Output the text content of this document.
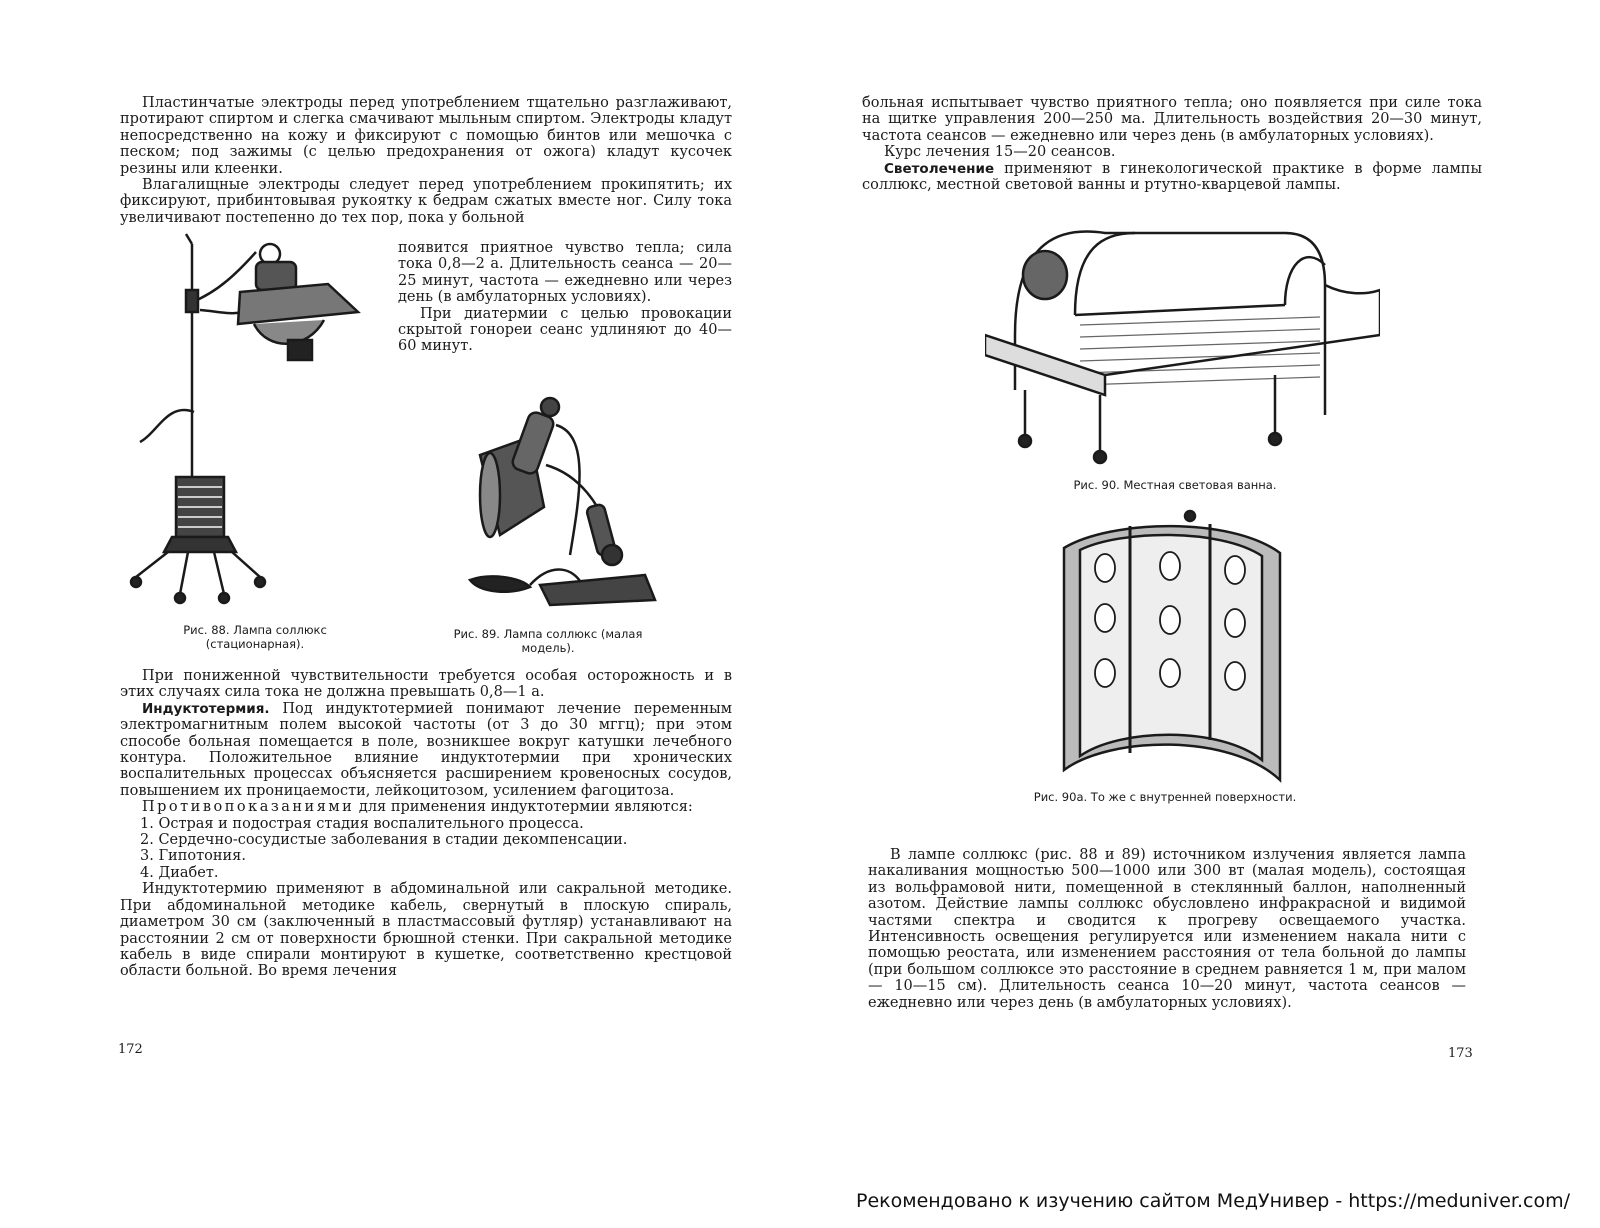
Пластинчатые электроды перед употреблением тщательно разглаживают, протирают спиртом и слегка смачивают мыльным спиртом. Электроды кладут непосредственно на кожу и фиксируют с помощью бинтов или мешочка с песком; под зажимы (с целью предохранения от ожога) кладут кусочек резины или клеенки.

Влагалищные электроды следует перед употреблением прокипятить; их фиксируют, прибинтовывая рукоятку к бедрам сжатых вместе ног. Силу тока увеличивают постепенно до тех пор, пока у больной

появится приятное чувство тепла; сила тока 0,8—2 a. Длительность сеанса — 20—25 минут, частота — ежедневно или через день (в амбулаторных условиях).

При диатермии с целью провокации скрытой гонореи сеанс удлиняют до 40—60 минут.

Рис. 88. Лампа соллюкс (стационарная).
Рис. 89. Лампа соллюкс (малая модель).

При пониженной чувствительности требуется особая осторожность и в этих случаях сила тока не должна превышать 0,8—1 a.

Индуктотермия. Под индуктотермией понимают лечение переменным электромагнитным полем высокой частоты (от 3 до 30 мггц); при этом способе больная помещается в поле, возникшее вокруг катушки лечебного контура. Положительное влияние индуктотермии при хронических воспалительных процессах объясняется расширением кровеносных сосудов, повышением их проницаемости, лейкоцитозом, усилением фагоцитоза.

Противопоказаниями для применения индуктотермии являются:

1. Острая и подострая стадия воспалительного процесса.
2. Сердечно-сосудистые заболевания в стадии декомпенсации.
3. Гипотония.
4. Диабет.

Индуктотермию применяют в абдоминальной или сакральной методике. При абдоминальной методике кабель, свернутый в плоскую спираль, диаметром 30 см (заключенный в пластмассовый футляр) устанавливают на расстоянии 2 см от поверхности брюшной стенки. При сакральной методике кабель в виде спирали монтируют в кушетке, соответственно крестцовой области больной. Во время лечения

172

больная испытывает чувство приятного тепла; оно появляется при силе тока на щитке управления 200—250 ма. Длительность воздействия 20—30 минут, частота сеансов — ежедневно или через день (в амбулаторных условиях).

Курс лечения 15—20 сеансов.

Светолечение применяют в гинекологической практике в форме лампы соллюкс, местной световой ванны и ртутно-кварцевой лампы.

Рис. 90. Местная световая ванна.
Рис. 90а. То же с внутренней поверхности.

В лампе соллюкс (рис. 88 и 89) источником излучения является лампа накаливания мощностью 500—1000 или 300 вт (малая модель), состоящая из вольфрамовой нити, помещенной в стеклянный баллон, наполненный азотом. Действие лампы соллюкс обусловлено инфракрасной и видимой частями спектра и сводится к прогреву освещаемого участка. Интенсивность освещения регулируется или изменением накала нити с помощью реостата, или изменением расстояния от тела больной до лампы (при большом соллюксе это расстояние в среднем равняется 1 м, при малом — 10—15 см). Длительность сеанса 10—20 минут, частота сеансов — ежедневно или через день (в амбулаторных условиях).

173
Рекомендовано к изучению сайтом МедУнивер - https://meduniver.com/
